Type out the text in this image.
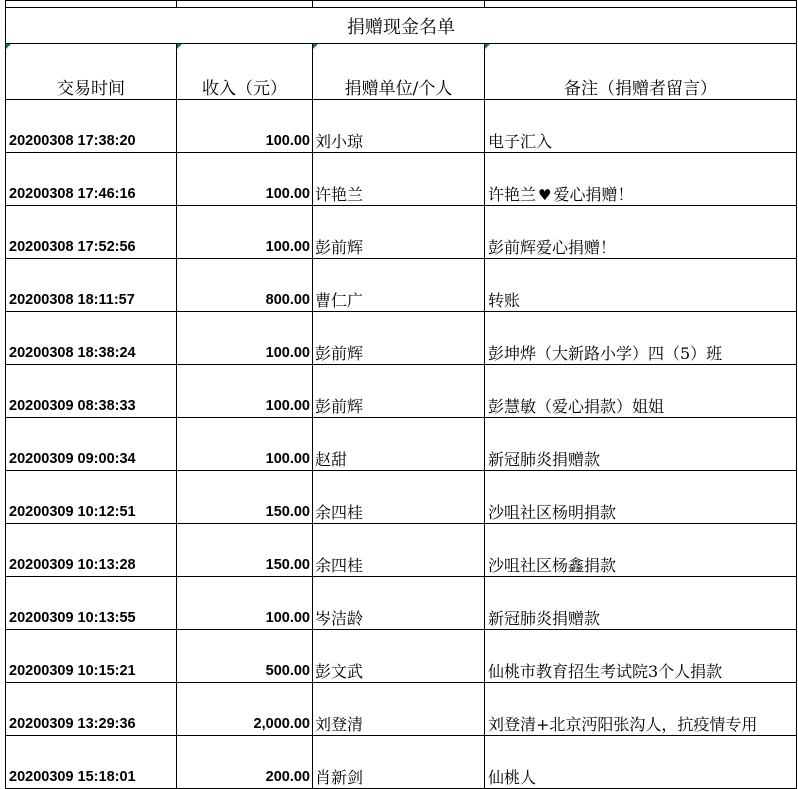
捐赠现金名单			

交易时间	收入（元）	捐赠单位/个人	备注（捐赠者留言）
20200308 17:38:20	100.00	刘小琼	电子汇入
20200308 17:46:16	100.00	许艳兰	许艳兰 ♥ 爱心捐赠！
20200308 17:52:56	100.00	彭前辉	彭前辉爱心捐赠！
20200308 18:11:57	800.00	曹仁广	转账
20200308 18:38:24	100.00	彭前辉	彭坤烨（大新路小学）四（5）班
20200309 08:38:33	100.00	彭前辉	彭慧敏（爱心捐款）姐姐
20200309 09:00:34	100.00	赵甜	新冠肺炎捐赠款
20200309 10:12:51	150.00	余四桂	沙咀社区杨明捐款
20200309 10:13:28	150.00	余四桂	沙咀社区杨鑫捐款
20200309 10:13:55	100.00	岑洁龄	新冠肺炎捐赠款
20200309 10:15:21	500.00	彭文武	仙桃市教育招生考试院3个人捐款
20200309 13:29:36	2,000.00	刘登清	刘登清+北京沔阳张沟人，抗疫情专用
20200309 15:18:01	200.00	肖新剑	仙桃人
